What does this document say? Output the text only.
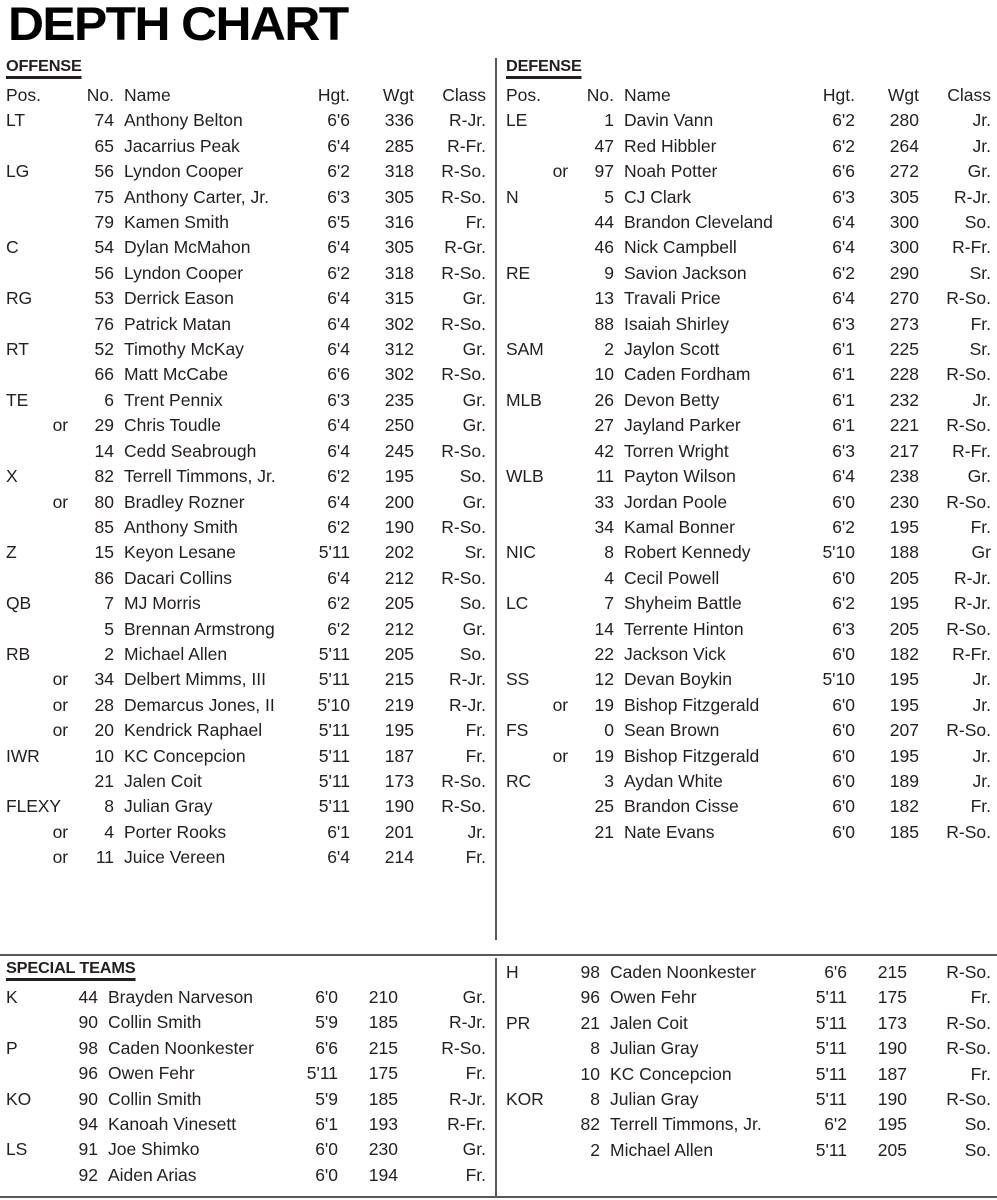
DEPTH CHART
OFFENSE
Pos.	No.	Name	Hgt.	Wgt	Class
LT	74	Anthony Belton	6'6	336	R-Jr.
	65	Jacarrius Peak	6'4	285	R-Fr.
LG	56	Lyndon Cooper	6'2	318	R-So.
	75	Anthony Carter, Jr.	6'3	305	R-So.
	79	Kamen Smith	6'5	316	Fr.
C	54	Dylan McMahon	6'4	305	R-Gr.
	56	Lyndon Cooper	6'2	318	R-So.
RG	53	Derrick Eason	6'4	315	Gr.
	76	Patrick Matan	6'4	302	R-So.
RT	52	Timothy McKay	6'4	312	Gr.
	66	Matt McCabe	6'6	302	R-So.
TE	6	Trent Pennix	6'3	235	Gr.
or	29	Chris Toudle	6'4	250	Gr.
	14	Cedd Seabrough	6'4	245	R-So.
X	82	Terrell Timmons, Jr.	6'2	195	So.
or	80	Bradley Rozner	6'4	200	Gr.
	85	Anthony Smith	6'2	190	R-So.
Z	15	Keyon Lesane	5'11	202	Sr.
	86	Dacari Collins	6'4	212	R-So.
QB	7	MJ Morris	6'2	205	So.
	5	Brennan Armstrong	6'2	212	Gr.
RB	2	Michael Allen	5'11	205	So.
or	34	Delbert Mimms, III	5'11	215	R-Jr.
or	28	Demarcus Jones, II	5'10	219	R-Jr.
or	20	Kendrick Raphael	5'11	195	Fr.
IWR	10	KC Concepcion	5'11	187	Fr.
	21	Jalen Coit	5'11	173	R-So.
FLEXY	8	Julian Gray	5'11	190	R-So.
or	4	Porter Rooks	6'1	201	Jr.
or	11	Juice Vereen	6'4	214	Fr.
DEFENSE
Pos.	No.	Name	Hgt.	Wgt	Class
LE	1	Davin Vann	6'2	280	Jr.
	47	Red Hibbler	6'2	264	Jr.
or	97	Noah Potter	6'6	272	Gr.
N	5	CJ Clark	6'3	305	R-Jr.
	44	Brandon Cleveland	6'4	300	So.
	46	Nick Campbell	6'4	300	R-Fr.
RE	9	Savion Jackson	6'2	290	Sr.
	13	Travali Price	6'4	270	R-So.
	88	Isaiah Shirley	6'3	273	Fr.
SAM	2	Jaylon Scott	6'1	225	Sr.
	10	Caden Fordham	6'1	228	R-So.
MLB	26	Devon Betty	6'1	232	Jr.
	27	Jayland Parker	6'1	221	R-So.
	42	Torren Wright	6'3	217	R-Fr.
WLB	11	Payton Wilson	6'4	238	Gr.
	33	Jordan Poole	6'0	230	R-So.
	34	Kamal Bonner	6'2	195	Fr.
NIC	8	Robert Kennedy	5'10	188	Gr
	4	Cecil Powell	6'0	205	R-Jr.
LC	7	Shyheim Battle	6'2	195	R-Jr.
	14	Terrente Hinton	6'3	205	R-So.
	22	Jackson Vick	6'0	182	R-Fr.
SS	12	Devan Boykin	5'10	195	Jr.
or	19	Bishop Fitzgerald	6'0	195	Jr.
FS	0	Sean Brown	6'0	207	R-So.
or	19	Bishop Fitzgerald	6'0	195	Jr.
RC	3	Aydan White	6'0	189	Jr.
	25	Brandon Cisse	6'0	182	Fr.
	21	Nate Evans	6'0	185	R-So.
SPECIAL TEAMS
K	44	Brayden Narveson	6'0	210	Gr.
	90	Collin Smith	5'9	185	R-Jr.
P	98	Caden Noonkester	6'6	215	R-So.
	96	Owen Fehr	5'11	175	Fr.
KO	90	Collin Smith	5'9	185	R-Jr.
	94	Kanoah Vinesett	6'1	193	R-Fr.
LS	91	Joe Shimko	6'0	230	Gr.
	92	Aiden Arias	6'0	194	Fr.
H	98	Caden Noonkester	6'6	215	R-So.
	96	Owen Fehr	5'11	175	Fr.
PR	21	Jalen Coit	5'11	173	R-So.
	8	Julian Gray	5'11	190	R-So.
	10	KC Concepcion	5'11	187	Fr.
KOR	8	Julian Gray	5'11	190	R-So.
	82	Terrell Timmons, Jr.	6'2	195	So.
	2	Michael Allen	5'11	205	So.
